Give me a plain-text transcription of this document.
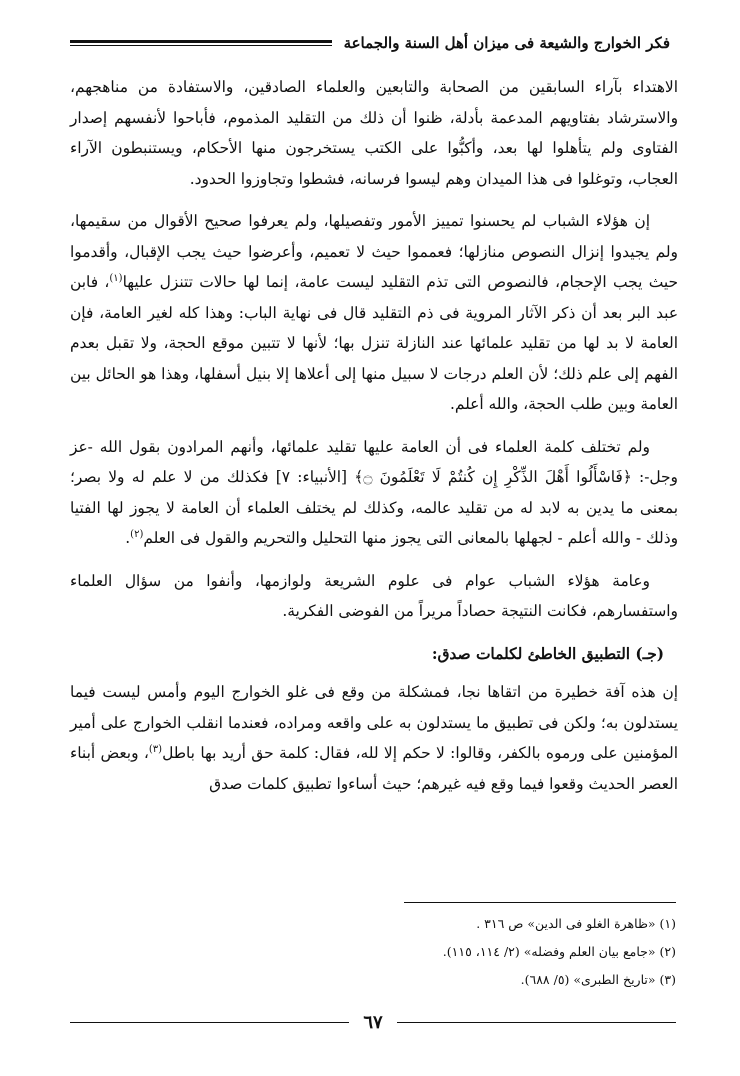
فكر الخوارج والشيعة فى ميزان أهل السنة والجماعة

الاهتداء بآراء السابقين من الصحابة والتابعين والعلماء الصادقين، والاستفادة من مناهجهم، والاسترشاد بفتاويهم المدعمة بأدلة، ظنوا أن ذلك من التقليد المذموم، فأباحوا لأنفسهم إصدار الفتاوى ولم يتأهلوا لها بعد، وأكبُّوا على الكتب يستخرجون منها الأحكام، ويستنبطون الآراء العجاب، وتوغلوا فى هذا الميدان وهم ليسوا فرسانه، فشطوا وتجاوزوا الحدود.

إن هؤلاء الشباب لم يحسنوا تمييز الأمور وتفصيلها، ولم يعرفوا صحيح الأقوال من سقيمها، ولم يجيدوا إنزال النصوص منازلها؛ فعمموا حيث لا تعميم، وأعرضوا حيث يجب الإقبال، وأقدموا حيث يجب الإحجام، فالنصوص التى تذم التقليد ليست عامة، إنما لها حالات تتنزل عليها$^{(١)}$، فابن عبد البر بعد أن ذكر الآثار المروية فى ذم التقليد قال فى نهاية الباب: وهذا كله لغير العامة، فإن العامة لا بد لها من تقليد علمائها عند النازلة تنزل بها؛ لأنها لا تتبين موقع الحجة، ولا تقبل بعدم الفهم إلى علم ذلك؛ لأن العلم درجات لا سبيل منها إلى أعلاها إلا بنيل أسفلها، وهذا هو الحائل بين العامة وبين طلب الحجة، والله أعلم.

ولم تختلف كلمة العلماء فى أن العامة عليها تقليد علمائها، وأنهم المرادون بقول الله -عز وجل-: ﴿فَاسْأَلُوا أَهْلَ الذِّكْرِ إِن كُنتُمْ لَا تَعْلَمُونَ ۝﴾ [الأنبياء: ٧] فكذلك من لا علم له ولا بصر؛ بمعنى ما يدين به لابد له من تقليد عالمه، وكذلك لم يختلف العلماء أن العامة لا يجوز لها الفتيا وذلك - والله أعلم - لجهلها بالمعانى التى يجوز منها التحليل والتحريم والقول فى العلم$^{(٢)}$.

وعامة هؤلاء الشباب عوام فى علوم الشريعة ولوازمها، وأنفوا من سؤال العلماء واستفسارهم، فكانت النتيجة حصاداً مريراً من الفوضى الفكرية.

(جـ) التطبيق الخاطئ لكلمات صدق:

إن هذه آفة خطيرة من اتقاها نجا، فمشكلة من وقع فى غلو الخوارج اليوم وأمس ليست فيما يستدلون به؛ ولكن فى تطبيق ما يستدلون به على واقعه ومراده، فعندما انقلب الخوارج على أمير المؤمنين على ورموه بالكفر، وقالوا: لا حكم إلا لله، فقال: كلمة حق أريد بها باطل$^{(٣)}$، وبعض أبناء العصر الحديث وقعوا فيما وقع فيه غيرهم؛ حيث أساءوا تطبيق كلمات صدق

(١) «ظاهرة الغلو فى الدين» ص ٣١٦ .

(٢) «جامع بيان العلم وفضله» (٢/ ١١٤، ١١٥).

(٣) «تاريخ الطبرى» (٥/ ٦٨٨).

٦٧
